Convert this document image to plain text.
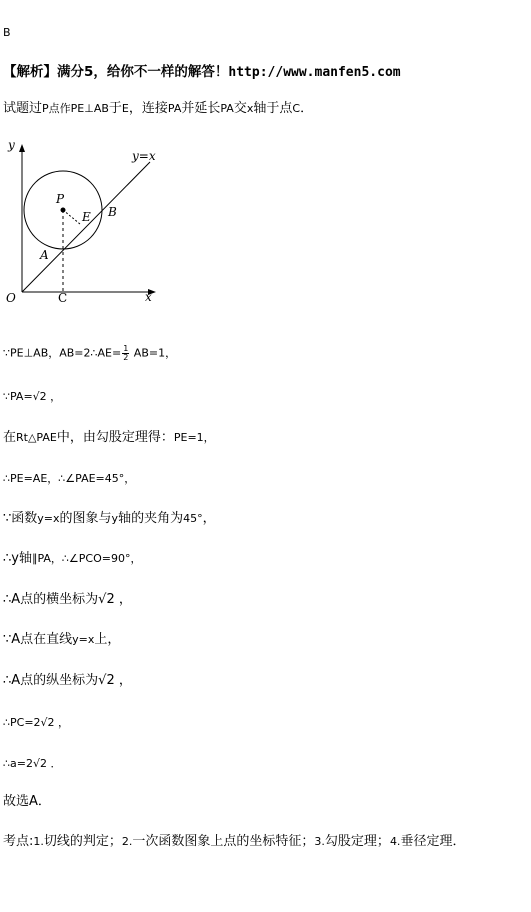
B
【解析】满分5，给你不一样的解答！http://www.manfen5.com
试题过P点作PE⊥AB于E，连接PA并延长PA交x轴于点C．
y
x
O
y=x
P
E B
A
C
∵PE⊥AB，AB=2∴AE= $\frac{1}{2} AB=1$，
∵PA=√2 ，
在Rt△PAE中，由勾股定理得：PE=1，
∴PE=AE，∴∠PAE=45°，
∵函数y=x的图象与y轴的夹角为45°，
∴y轴∥PA，∴∠PCO=90°，
∴A点的横坐标为√2 ，
∵A点在直线y=x上，
∴A点的纵坐标为√2 ，
∴PC=2√2 ，
∴a=2√2 ．
故选A．
考点:1.切线的判定；2.一次函数图象上点的坐标特征；3.勾股定理；4.垂径定理．
